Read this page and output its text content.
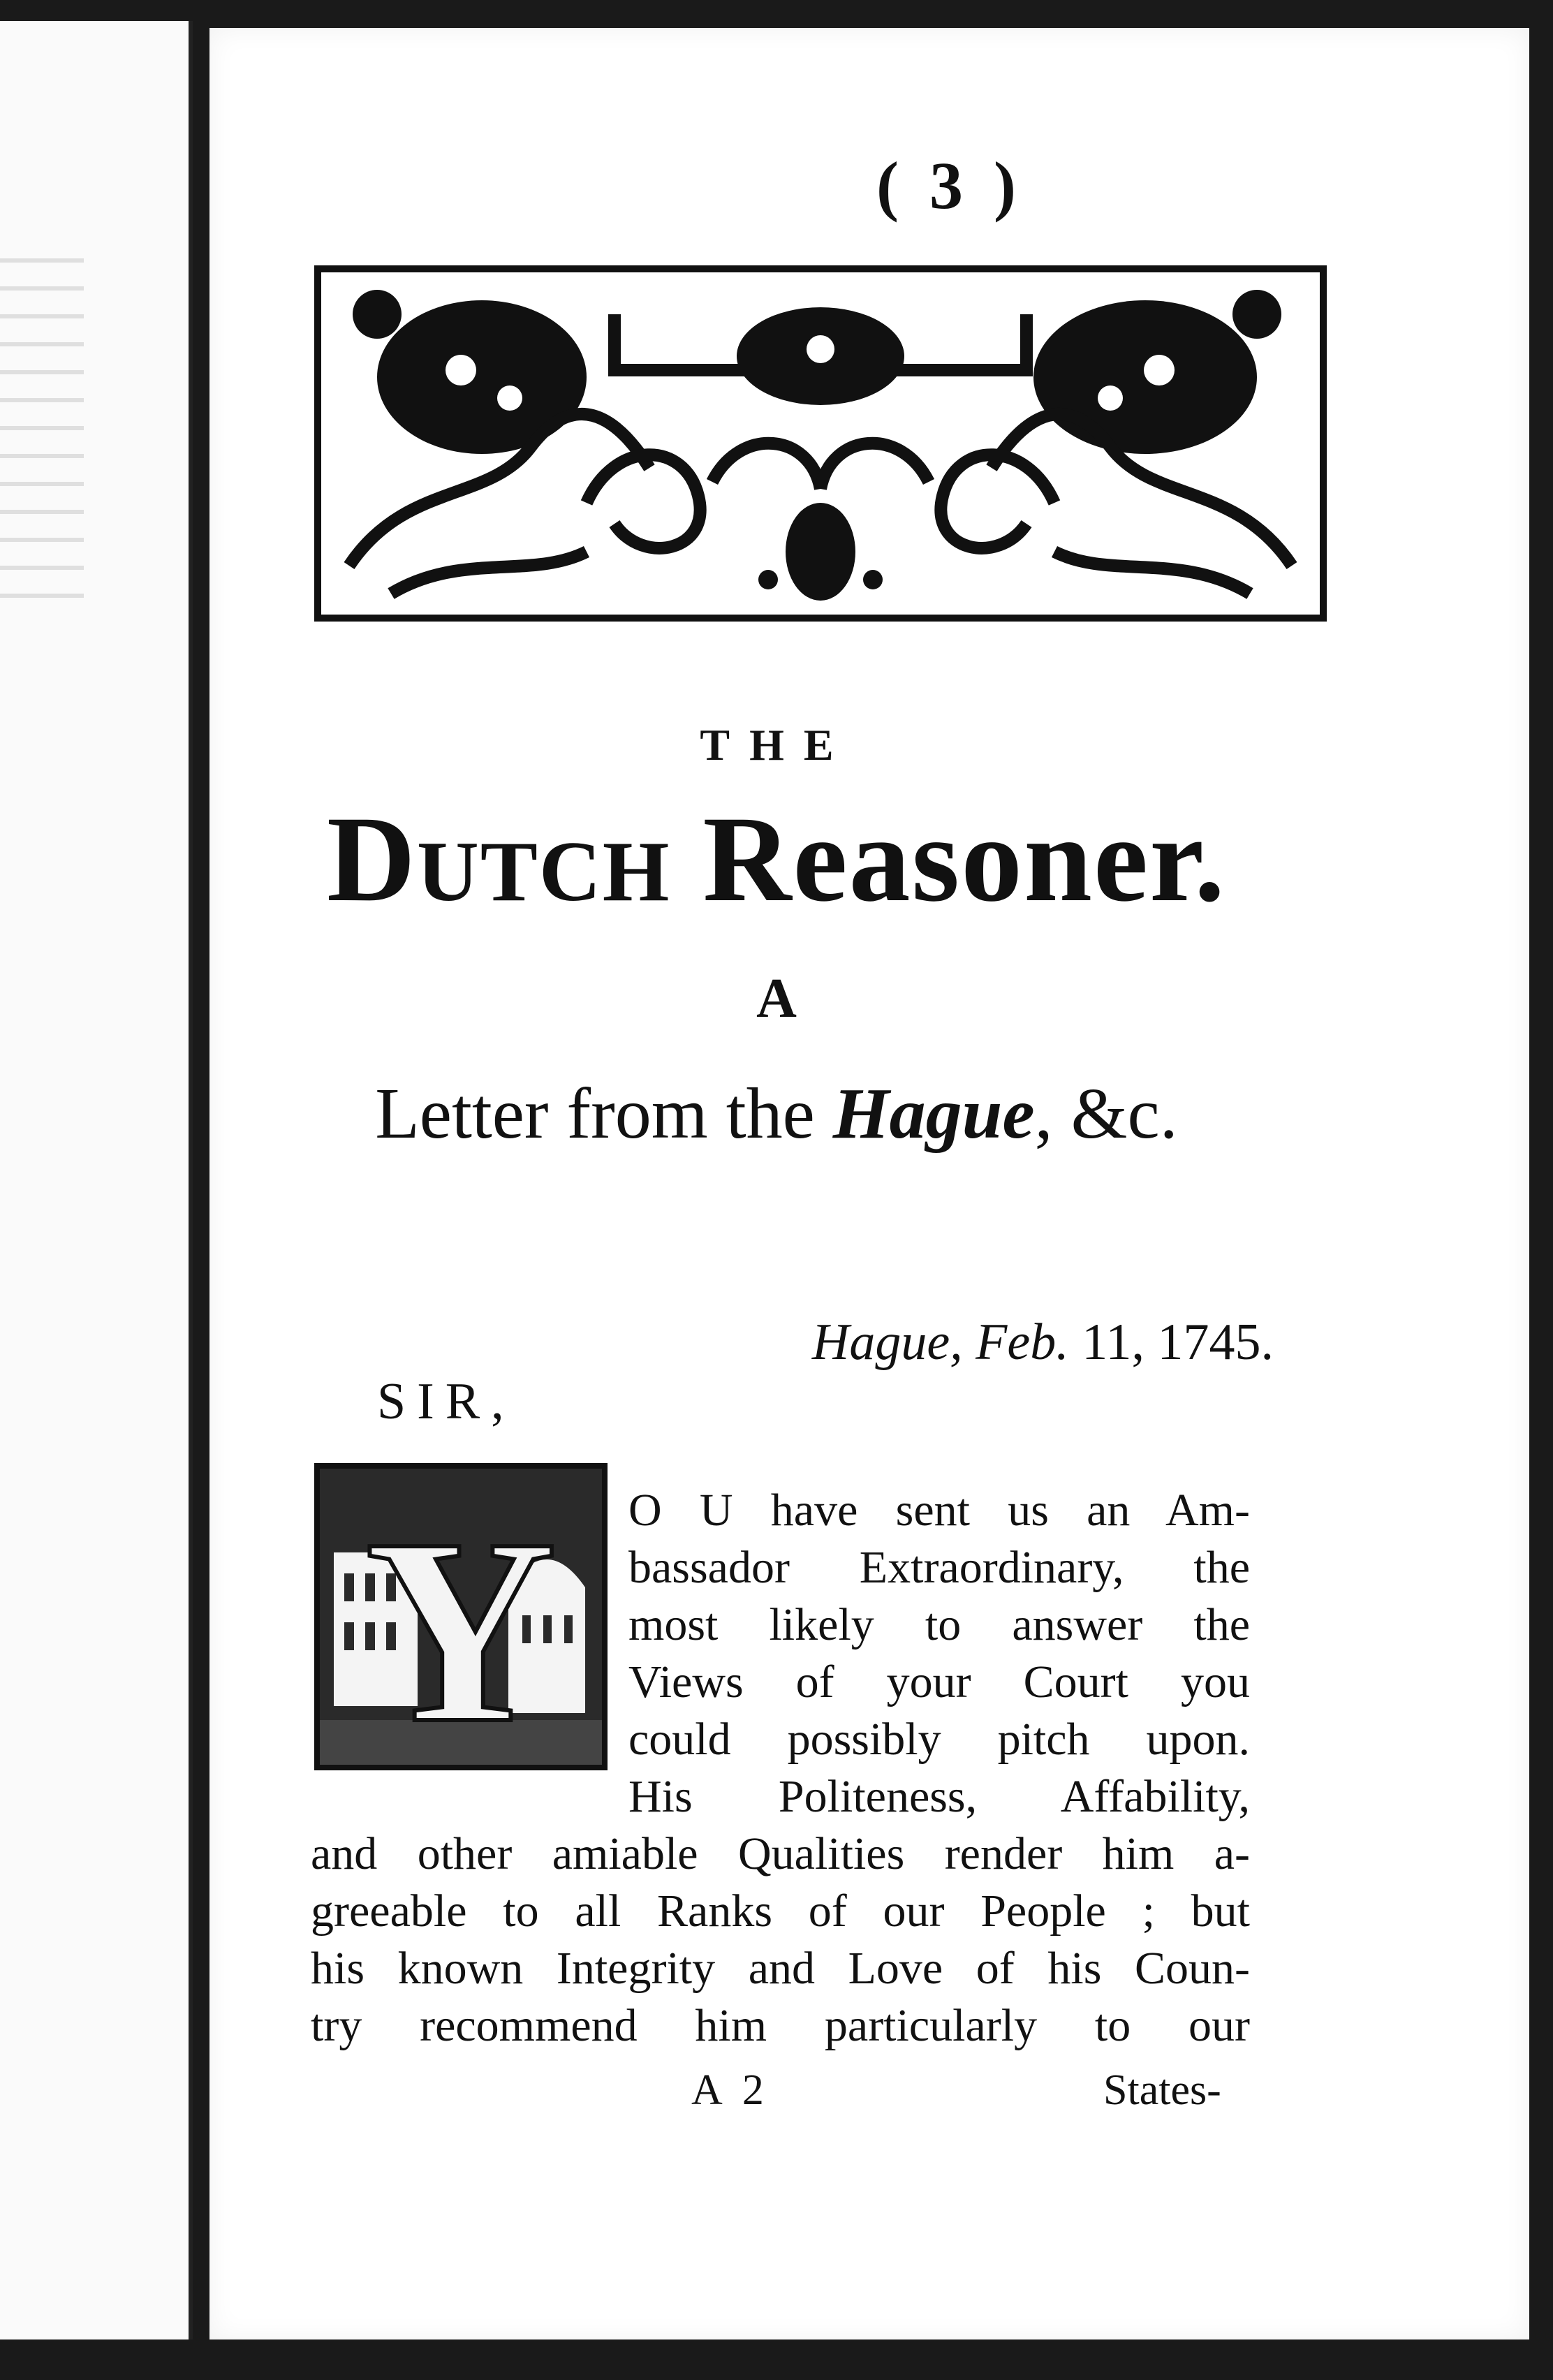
( 3 )
THE
Dutch Reasoner.
A
Letter from the Hague, &c.
Hague, Feb. 11, 1745.
SIR,
Y O U have sent us an Am-
bassador Extraordinary, the
most likely to answer the
Views of your Court you
could possibly pitch upon.
His Politeness, Affability,
and other amiable Qualities render him a-
greeable to all Ranks of our People ; but
his known Integrity and Love of his Coun-
try recommend him particularly to our
A 2	States-
